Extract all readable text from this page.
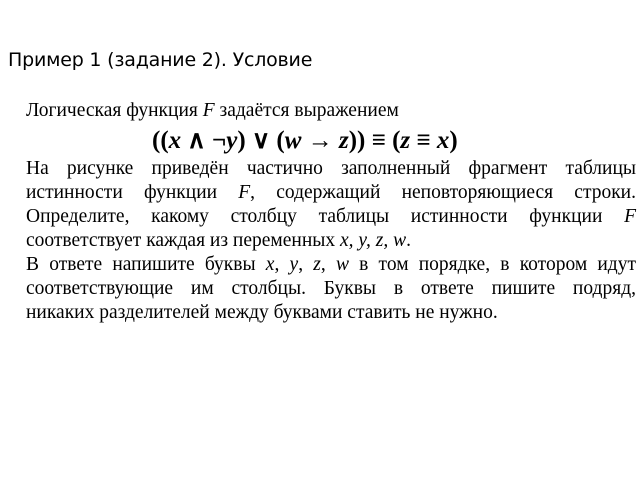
Пример 1 (задание 2). Условие
Логическая функция F задаётся выражением
((x ∧ ¬y) ∨ (w → z)) ≡ (z ≡ x)
На рисунке приведён частично заполненный фрагмент таблицы
истинности функции F, содержащий неповторяющиеся строки.
Определите, какому столбцу таблицы истинности функции F
соответствует каждая из переменных x, y, z, w.
В ответе напишите буквы x, y, z, w в том порядке, в котором идут
соответствующие им столбцы. Буквы в ответе пишите подряд,
никаких разделителей между буквами ставить не нужно.
